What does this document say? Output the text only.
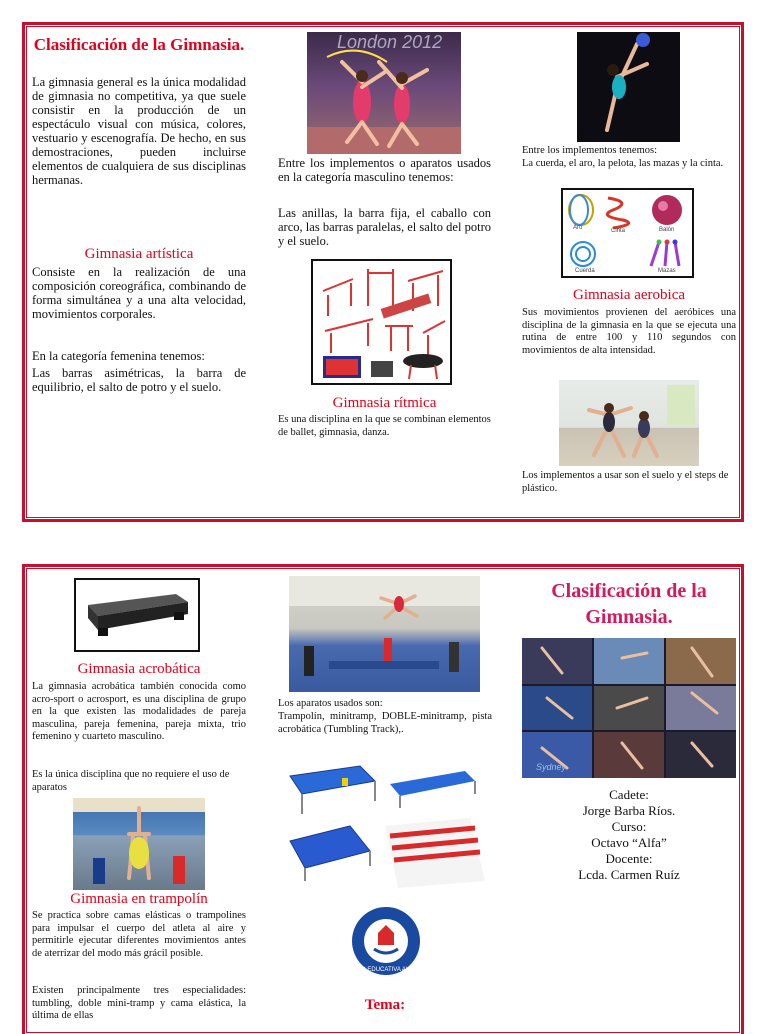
Clasificación de la Gimnasia.

La gimnasia general es la única modalidad de gimnasia no competitiva, ya que suele consistir en la producción de un espectáculo visual con música, colores, vestuario y escenografía. De hecho, en sus demostraciones, pueden incluirse elementos de cualquiera de sus disciplinas hermanas.

Gimnasia artística

Consiste en la realización de una composición coreográfica, combinando de forma simultánea y a una alta velocidad, movimientos corporales.

En la categoría femenina tenemos:

Las barras asimétricas, la barra de equilibrio, el salto de potro y el suelo.

London 2012

Entre los implementos o aparatos usados en la categoría masculino tenemos:

Las anillas, la barra fija, el caballo con arco, las barras paralelas, el salto del potro y el suelo.

Gimnasia rítmica

Es una disciplina en la que se combinan elementos de ballet, gimnasia, danza.

Entre los implementos tenemos:

La cuerda, el aro, la pelota, las mazas y la cinta.

Aro	Cinta	Balón
Cuerda	Mazas
Gimnasia aerobica

Sus movimientos provienen del aeróbices una disciplina de la gimnasia en la que se ejecuta una rutina de entre 100 y 110 segundos con movimientos de alta intensidad.

Los implementos a usar son el suelo y el steps de plástico.

Gimnasia acrobática

La gimnasia acrobática también conocida como acro-sport o acrosport, es una disciplina de grupo en la que existen las modalidades de pareja masculina, pareja femenina, pareja mixta, trio femenino y cuarteto masculino.

Es la única disciplina que no requiere el uso de aparatos

Gimnasia en trampolín

Se practica sobre camas elásticas o trampolines para impulsar el cuerpo del atleta al aire y permitirle ejecutar diferentes movimientos antes de aterrizar del modo más grácil posible.

Existen principalmente tres especialidades: tumbling, doble mini-tramp y cama elástica, la última de ellas

Los aparatos usados son:

Trampolín, minitramp, DOBLE-minitramp, pista acrobática (Tumbling Track),.

UNIDAD EDUCATIVA ALTAMAR
Tema:
Clasificación de la Gimnasia.
Sydney
Cadete:
Jorge Barba Ríos.
Curso:
Octavo “Alfa”
Docente:
Lcda. Carmen Ruíz
